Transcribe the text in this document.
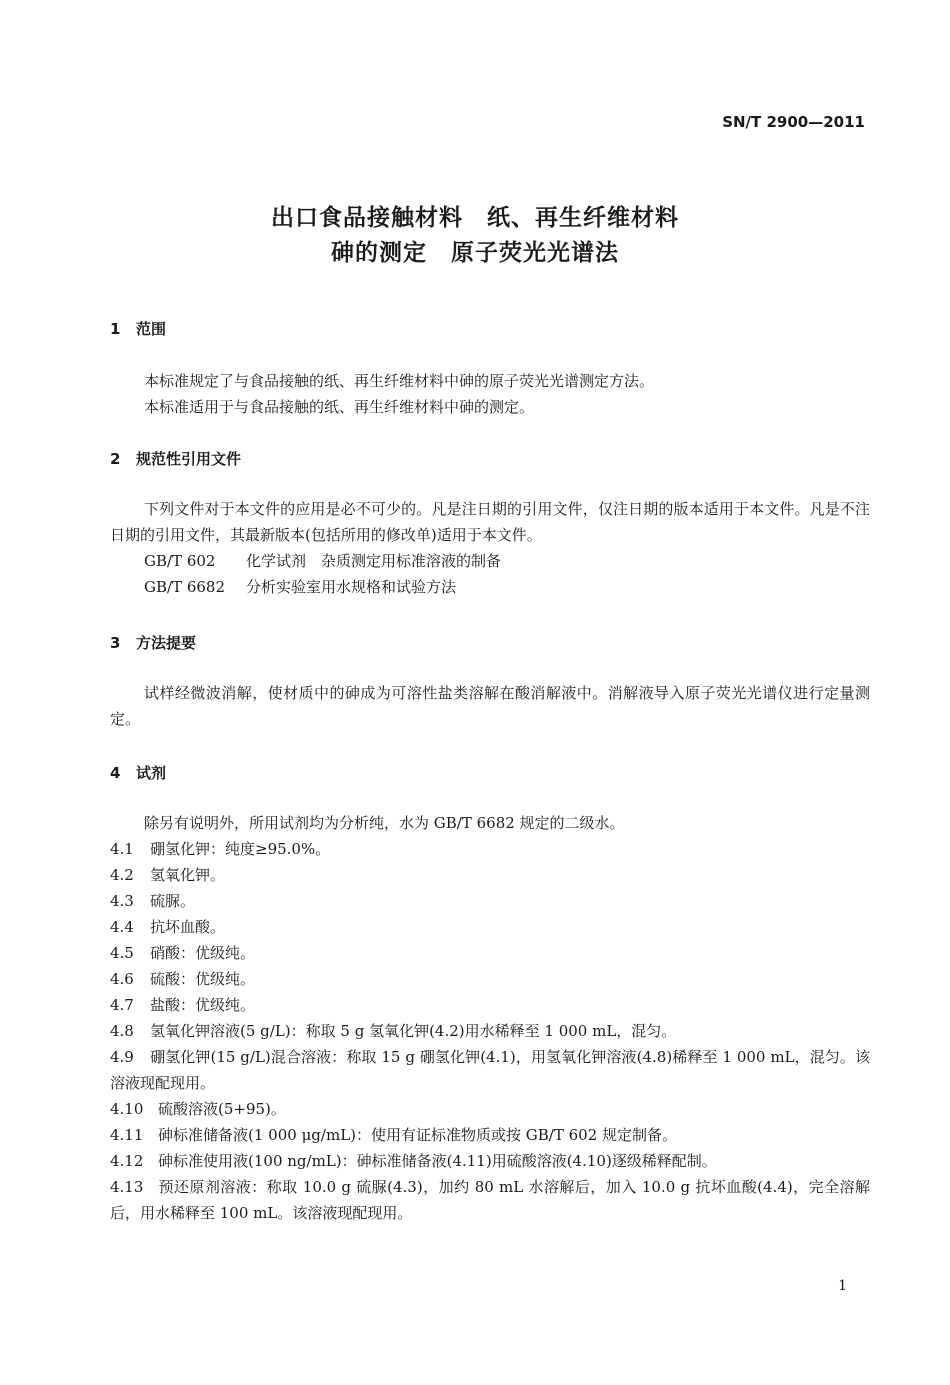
SN/T 2900—2011
出口食品接触材料　纸、再生纤维材料
砷的测定　原子荧光光谱法
1 范围

本标准规定了与食品接触的纸、再生纤维材料中砷的原子荧光光谱测定方法。

本标准适用于与食品接触的纸、再生纤维材料中砷的测定。

2 规范性引用文件

下列文件对于本文件的应用是必不可少的。凡是注日期的引用文件，仅注日期的版本适用于本文件。凡是不注日期的引用文件，其最新版本(包括所用的修改单)适用于本文件。

GB/T 602 化学试剂　杂质测定用标准溶液的制备
GB/T 6682 分析实验室用水规格和试验方法
3 方法提要

试样经微波消解，使材质中的砷成为可溶性盐类溶解在酸消解液中。消解液导入原子荧光光谱仪进行定量测定。

4 试剂

除另有说明外，所用试剂均为分析纯，水为 GB/T 6682 规定的二级水。

4.1 硼氢化钾：纯度≥95.0%。
4.2 氢氧化钾。
4.3 硫脲。
4.4 抗坏血酸。
4.5 硝酸：优级纯。
4.6 硫酸：优级纯。
4.7 盐酸：优级纯。
4.8 氢氧化钾溶液(5 g/L)：称取 5 g 氢氧化钾(4.2)用水稀释至 1 000 mL，混匀。
4.9 硼氢化钾(15 g/L)混合溶液：称取 15 g 硼氢化钾(4.1)，用氢氧化钾溶液(4.8)稀释至 1 000 mL，混匀。该溶液现配现用。
4.10 硫酸溶液(5+95)。
4.11 砷标准储备液(1 000 μg/mL)：使用有证标准物质或按 GB/T 602 规定制备。
4.12 砷标准使用液(100 ng/mL)：砷标准储备液(4.11)用硫酸溶液(4.10)逐级稀释配制。
4.13 预还原剂溶液：称取 10.0 g 硫脲(4.3)，加约 80 mL 水溶解后，加入 10.0 g 抗坏血酸(4.4)，完全溶解后，用水稀释至 100 mL。该溶液现配现用。
1
